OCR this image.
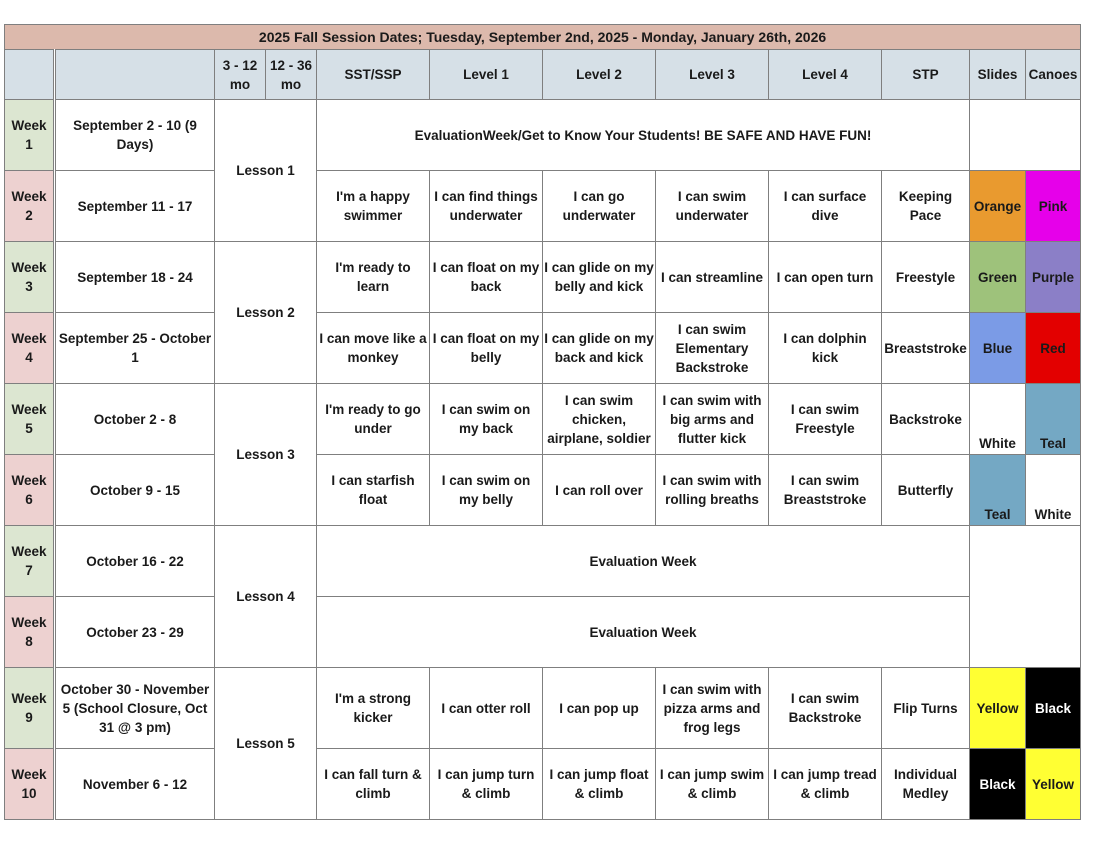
2025 Fall Session Dates; Tuesday, September 2nd, 2025 - Monday, January 26th, 2026											
		3 - 12 mo	12 - 36 mo	SST/SSP	Level 1	Level 2	Level 3	Level 4	STP	Slides	Canoes
Week 1	September 2 - 10 (9 Days)	Lesson 1		EvaluationWeek/Get to Know Your Students! BE SAFE AND HAVE FUN!							
Week 2	September 11 - 17			I'm a happy swimmer	I can find things underwater	I can go underwater	I can swim underwater	I can surface dive	Keeping Pace	Orange	Pink
Week 3	September 18 - 24	Lesson 2		I'm ready to learn	I can float on my back	I can glide on my belly and kick	I can streamline	I can open turn	Freestyle	Green	Purple
Week 4	September 25 - October 1			I can move like a monkey	I can float on my belly	I can glide on my back and kick	I can swim Elementary Backstroke	I can dolphin kick	Breaststroke	Blue	Red
Week 5	October 2 - 8	Lesson 3		I'm ready to go under	I can swim on my back	I can swim chicken, airplane, soldier	I can swim with big arms and flutter kick	I can swim Freestyle	Backstroke	White	Teal
Week 6	October 9 - 15			I can starfish float	I can swim on my belly	I can roll over	I can swim with rolling breaths	I can swim Breaststroke	Butterfly	Teal	White
Week 7	October 16 - 22	Lesson 4		Evaluation Week							
Week 8	October 23 - 29			Evaluation Week							
Week 9	October 30 - November 5 (School Closure, Oct 31 @ 3 pm)	Lesson 5		I'm a strong kicker	I can otter roll	I can pop up	I can swim with pizza arms and frog legs	I can swim Backstroke	Flip Turns	Yellow	Black
Week 10	November 6 - 12			I can fall turn & climb	I can jump turn & climb	I can jump float & climb	I can jump swim & climb	I can jump tread & climb	Individual Medley	Black	Yellow
